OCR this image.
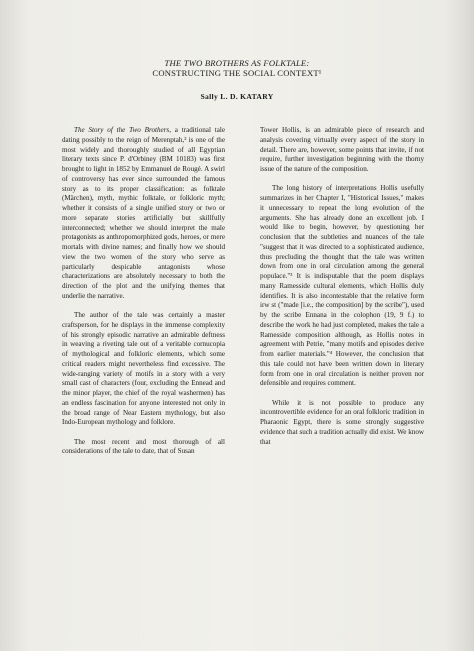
THE TWO BROTHERS AS FOLKTALE:
CONSTRUCTING THE SOCIAL CONTEXT¹
Sally L. D. KATARY

The Story of the Two Brothers, a traditional tale dating possibly to the reign of Merenptah,² is one of the most widely and thoroughly studied of all Egyptian literary texts since P. d'Orbiney (BM 10183) was first brought to light in 1852 by Emmanuel de Rougé. A swirl of controversy has ever since surrounded the famous story as to its proper classification: as folktale (Märchen), myth, mythic folktale, or folkloric myth; whether it consists of a single unified story or two or more separate stories artificially but skillfully interconnected; whether we should interpret the male protagonists as anthropomorphized gods, heroes, or mere mortals with divine names; and finally how we should view the two women of the story who serve as particularly despicable antagonists whose characterizations are absolutely necessary to both the direction of the plot and the unifying themes that underlie the narrative.

The author of the tale was certainly a master craftsperson, for he displays in the immense complexity of his strongly episodic narrative an admirable deftness in weaving a riveting tale out of a veritable cornucopia of mythological and folkloric elements, which some critical readers might nevertheless find excessive. The wide-ranging variety of motifs in a story with a very small cast of characters (four, excluding the Ennead and the minor player, the chief of the royal washermen) has an endless fascination for anyone interested not only in the broad range of Near Eastern mythology, but also Indo-European mythology and folklore.

The most recent and most thorough of all considerations of the tale to date, that of Susan

Tower Hollis, is an admirable piece of research and analysis covering virtually every aspect of the story in detail. There are, however, some points that invite, if not require, further investigation beginning with the thorny issue of the nature of the composition.

The long history of interpretations Hollis usefully summarizes in her Chapter I, "Historical Issues," makes it unnecessary to repeat the long evolution of the arguments. She has already done an excellent job. I would like to begin, however, by questioning her conclusion that the subtleties and nuances of the tale "suggest that it was directed to a sophisticated audience, thus precluding the thought that the tale was written down from one in oral circulation among the general populace."³ It is indisputable that the poem displays many Ramesside cultural elements, which Hollis duly identifies. It is also incontestable that the relative form irw st ("made [i.e., the composition] by the scribe"), used by the scribe Ennana in the colophon (19, 9 f.) to describe the work he had just completed, makes the tale a Ramesside composition although, as Hollis notes in agreement with Petrie, "many motifs and episodes derive from earlier materials."⁴ However, the conclusion that this tale could not have been written down in literary form from one in oral circulation is neither proven nor defensible and requires comment.

While it is not possible to produce any incontrovertible evidence for an oral folkloric tradition in Pharaonic Egypt, there is some strongly suggestive evidence that such a tradition actually did exist. We know that
